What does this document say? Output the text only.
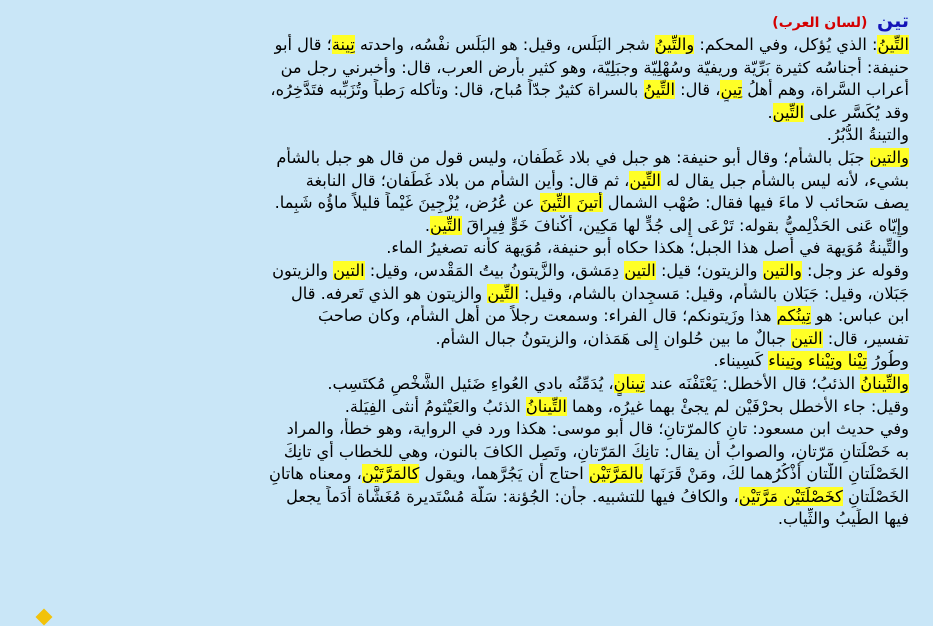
تين (لسان العرب)
التِّينُ: الذي يُؤكل، وفي المحكم: والتِّينُ شجر البَلَس، وقيل: هو البَلَس نفْسُه، واحدته تِينة؛ قال أَبو
حنيفة: أَجناسُه كثيرة بَرِّيّة وريفيّة وسُهْلِيّة وجبَلِيّة، وهو كثير بأَرض العرب، قال: وأَخبرني رجل من
أَعراب السَّراة، وهم أَهلُ تِينٍ، قال: التِّينُ بالسراة كثيرٌ جدّاً مُباح، قال: وتأْكله رَطباً وتُزَبِّبه فتَدَّخِرُه،
وقد يُكَسَّر على التِّين.
والتينةُ الدُّبُرُ.
والتين جبَل بالشأْم؛ وقال أَبو حنيفة: هو جبل في بلاد غَطَفان، وليس قول من قال هو جبل بالشأْم
بشيء، لأَنه ليس بالشأْم جبل يقال له التِّين، ثم قال: وأَين الشأْم من بلاد غَطَفان؛ قال النابغة
يصف سَحائب لا ماءَ فيها فقال: صُهْب الشمال أَتينَ التِّينَ عن عُرُض، يُزْجِينَ غَيْماً قليلاً ماؤُه شَبِما.
وإِيّاه عَنى الحَذْلِميُّ بقوله: تَرْعَى إِلى جُدٍّ لها مَكِين، أَكْنافَ خَوٍّ فِيراقَ التِّين.
والتِّينةُ مُوَيهة في أَصل هذا الجبل؛ هكذا حكاه أَبو حنيفة، مُوَيهة كأَنه تصغيرُ الماء.
وقوله عز وجل: والتين والزيتون؛ قيل: التين دِمَشق، والزَّيتونُ بيتُ المَقْدس، وقيل: التين والزيتون
جَبَلان، وقيل: جَبَلان بالشأْم، وقيل: مَسجِدان بالشام، وقيل: التِّين والزيتون هو الذي تَعرفه. قال
ابن عباس: هو تِينُكم هذا وزَيتونكم؛ قال الفراء: وسمعت رجلاً من أَهل الشأْم، وكان صاحبَ
تفسير، قال: التين جبالٌ ما بين حُلوان إِلى هَمَذان، والزيتونُ جبال الشأْم.
وطُورُ تِيْنا وتِيْناء وتِيناء كَسِيناء.
والتِّينانُ الذئبُ؛ قال الأَخطل: يَعْتَفْنَه عند تِينانٍ، يُدَمِّنُه بادي العُواءِ ضَئيل الشَّخْصِ مُكتَسِب.
وقيل: جاء الأَخطل بحرْفَيْن لم يجئْ بهما غيرُه، وهما التِّينانُ الذئبُ والعَيْثومُ أُنثى الفِيَلة.
وفي حديث ابن مسعود: تانِ كالمرّتانِ؛ قال أَبو موسى: هكذا ورد في الرواية، وهو خطأٌ، والمراد
به خَصْلَتانِ مَرّتانِ، والصوابُ أَن يقال: تانِكَ المَرّتانِ، وتَصِل الكافَ بالنون، وهي للخطاب أَي تانِكَ
الخَصْلَتانِ اللّتان أَذْكُرُهما لكَ، ومَنْ قَرَنَها بالمَرَّتَيْن احتاج أَن يَجُرَّهما، ويقول كالمَرَّتَيْن، ومعناه هاتانِ
الخَصْلَتانِ كخَصْلَتَيْن مَرَّتَيْن، والكافُ فيها للتشبيه. جأن: الجُؤنة: سَلَّة مُسْتَديرة مُغَشَّاة أَدَماً يجعل
فيها الطِّيبُ والثِّياب.
